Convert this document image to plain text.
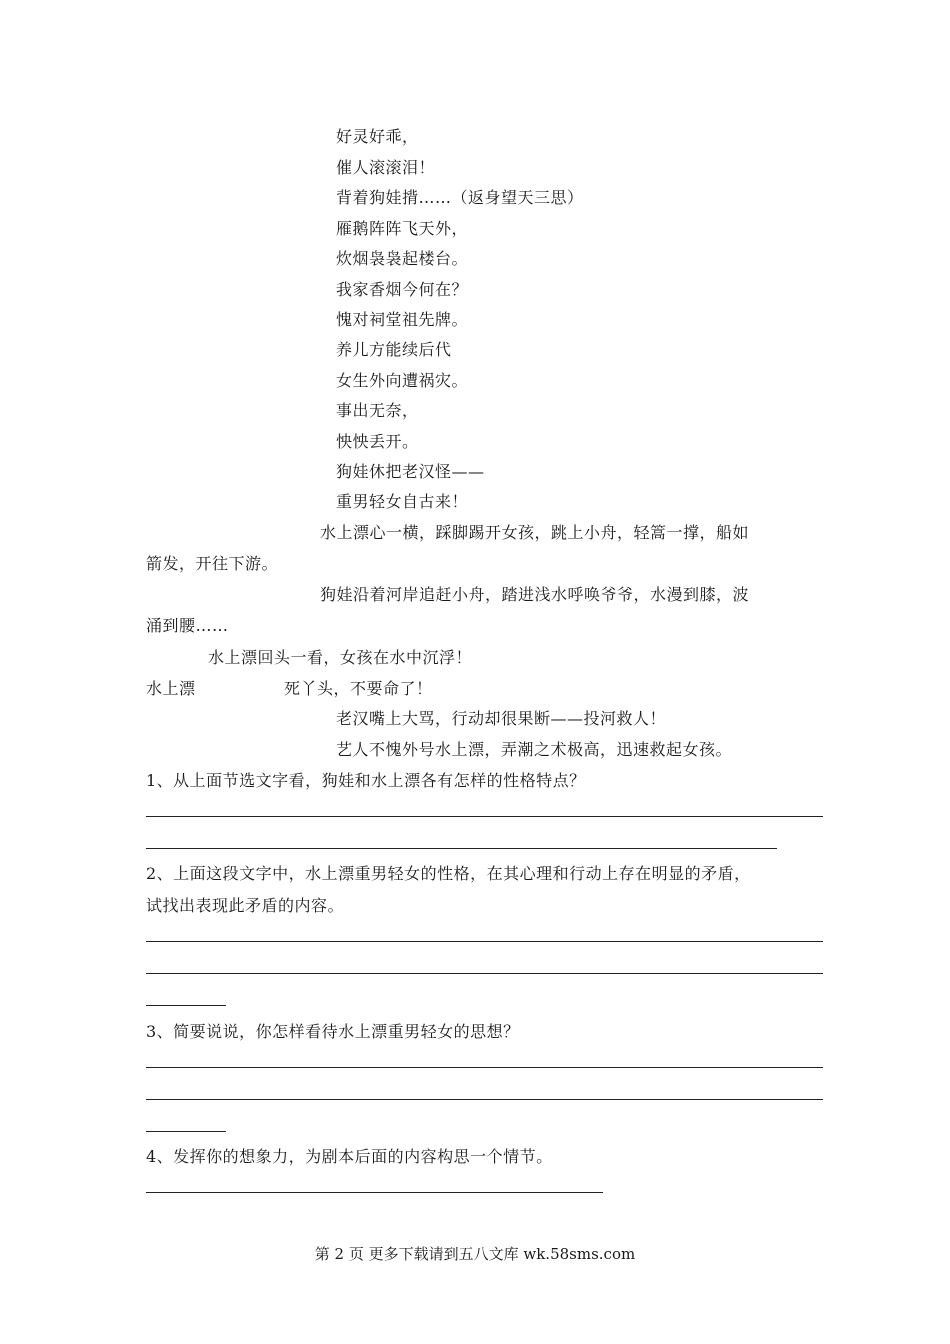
好灵好乖，
催人滚滚泪！
背着狗娃揹……（返身望天三思）
雁鹅阵阵飞天外，
炊烟袅袅起楼台。
我家香烟今何在？
愧对祠堂祖先牌。
养儿方能续后代
女生外向遭祸灾。
事出无奈，
怏怏丢开。
狗娃休把老汉怪——
重男轻女自古来！
水上漂心一横，踩脚踢开女孩，跳上小舟，轻篙一撑，船如
箭发，开往下游。
狗娃沿着河岸追赶小舟，踏进浅水呼唤爷爷，水漫到膝，波
涌到腰……
水上漂回头一看，女孩在水中沉浮！
水上漂	死丫头，不要命了！
老汉嘴上大骂，行动却很果断——投河救人！
艺人不愧外号水上漂，弄潮之术极高，迅速救起女孩。
1、从上面节选文字看，狗娃和水上漂各有怎样的性格特点？
2、上面这段文字中，水上漂重男轻女的性格，在其心理和行动上存在明显的矛盾，
试找出表现此矛盾的内容。
3、简要说说，你怎样看待水上漂重男轻女的思想？
4、发挥你的想象力，为剧本后面的内容构思一个情节。
第 2 页 更多下载请到五八文库 wk.58sms.com
